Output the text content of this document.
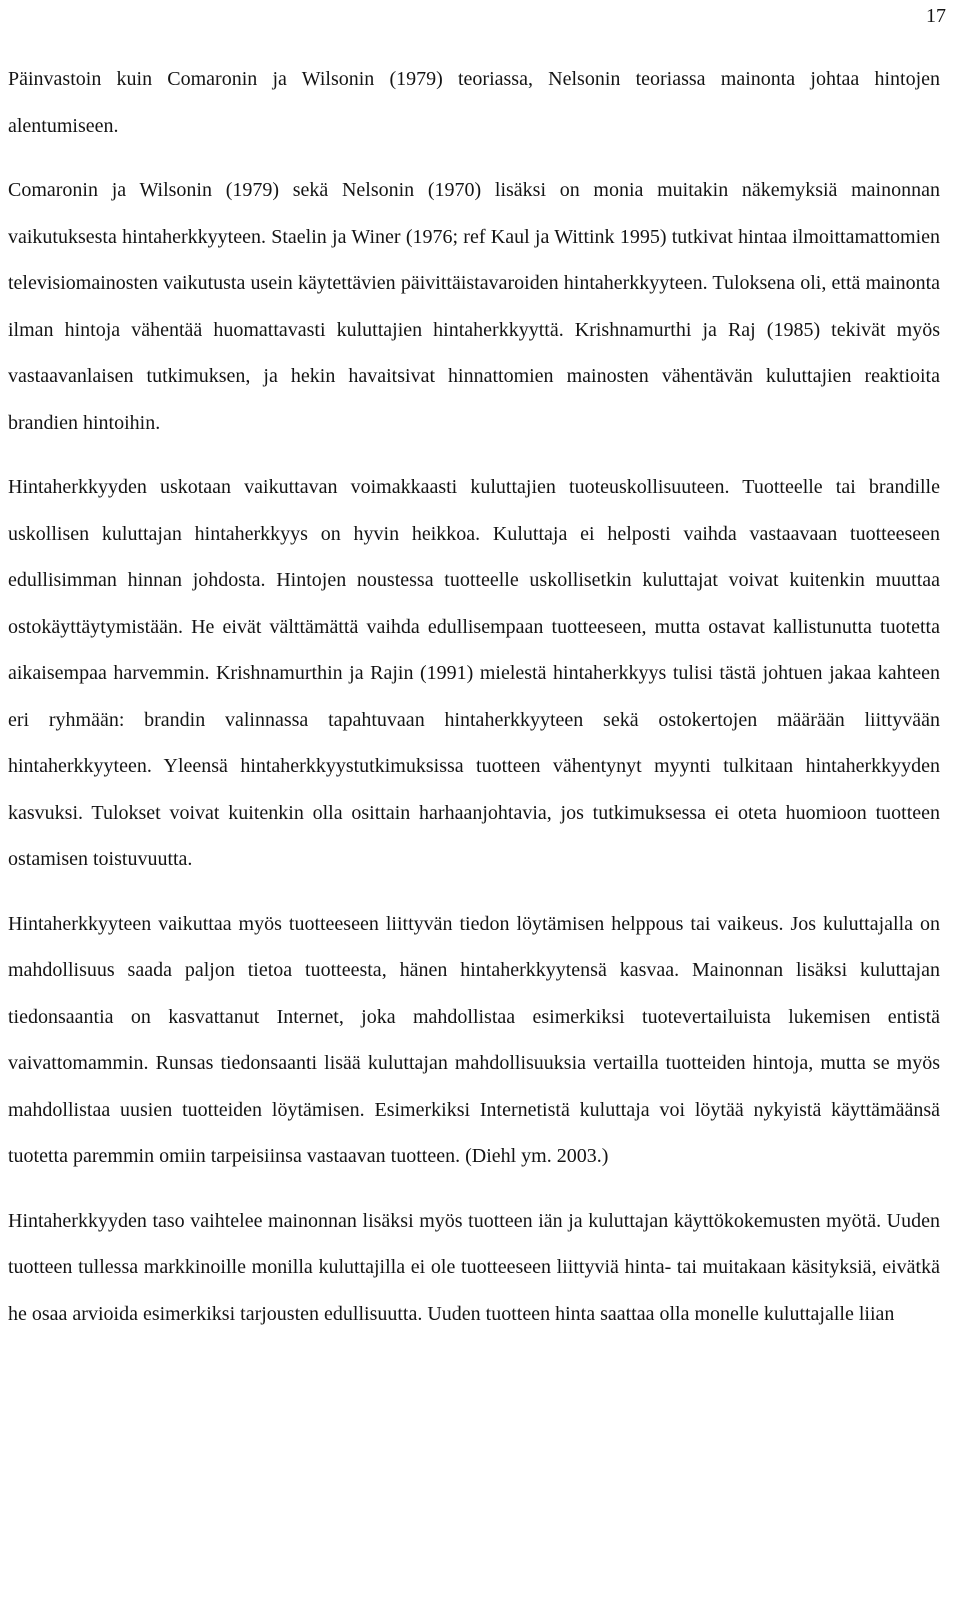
17

Päinvastoin kuin Comaronin ja Wilsonin (1979) teoriassa, Nelsonin teoriassa mainonta johtaa hintojen alentumiseen.

Comaronin ja Wilsonin (1979) sekä Nelsonin (1970) lisäksi on monia muitakin näkemyksiä mainonnan vaikutuksesta hintaherkkyyteen. Staelin ja Winer (1976; ref Kaul ja Wittink 1995) tutkivat hintaa ilmoittamattomien televisiomainosten vaikutusta usein käytettävien päivittäistavaroiden hintaherkkyyteen. Tuloksena oli, että mainonta ilman hintoja vähentää huomattavasti kuluttajien hintaherkkyyttä. Krishnamurthi ja Raj (1985) tekivät myös vastaavanlaisen tutkimuksen, ja hekin havaitsivat hinnattomien mainosten vähentävän kuluttajien reaktioita brandien hintoihin.

Hintaherkkyyden uskotaan vaikuttavan voimakkaasti kuluttajien tuoteuskollisuuteen. Tuotteelle tai brandille uskollisen kuluttajan hintaherkkyys on hyvin heikkoa. Kuluttaja ei helposti vaihda vastaavaan tuotteeseen edullisimman hinnan johdosta. Hintojen noustessa tuotteelle uskollisetkin kuluttajat voivat kuitenkin muuttaa ostokäyttäytymistään. He eivät välttämättä vaihda edullisempaan tuotteeseen, mutta ostavat kallistunutta tuotetta aikaisempaa harvemmin. Krishnamurthin ja Rajin (1991) mielestä hintaherkkyys tulisi tästä johtuen jakaa kahteen eri ryhmään: brandin valinnassa tapahtuvaan hintaherkkyyteen sekä ostokertojen määrään liittyvään hintaherkkyyteen. Yleensä hintaherkkyystutkimuksissa tuotteen vähentynyt myynti tulkitaan hintaherkkyyden kasvuksi. Tulokset voivat kuitenkin olla osittain harhaanjohtavia, jos tutkimuksessa ei oteta huomioon tuotteen ostamisen toistuvuutta.

Hintaherkkyyteen vaikuttaa myös tuotteeseen liittyvän tiedon löytämisen helppous tai vaikeus. Jos kuluttajalla on mahdollisuus saada paljon tietoa tuotteesta, hänen hintaherkkyytensä kasvaa. Mainonnan lisäksi kuluttajan tiedonsaantia on kasvattanut Internet, joka mahdollistaa esimerkiksi tuotevertailuista lukemisen entistä vaivattomammin. Runsas tiedonsaanti lisää kuluttajan mahdollisuuksia vertailla tuotteiden hintoja, mutta se myös mahdollistaa uusien tuotteiden löytämisen. Esimerkiksi Internetistä kuluttaja voi löytää nykyistä käyttämäänsä tuotetta paremmin omiin tarpeisiinsa vastaavan tuotteen. (Diehl ym. 2003.)

Hintaherkkyyden taso vaihtelee mainonnan lisäksi myös tuotteen iän ja kuluttajan käyttökokemusten myötä. Uuden tuotteen tullessa markkinoille monilla kuluttajilla ei ole tuotteeseen liittyviä hinta- tai muitakaan käsityksiä, eivätkä he osaa arvioida esimerkiksi tarjousten edullisuutta. Uuden tuotteen hinta saattaa olla monelle kuluttajalle liian
